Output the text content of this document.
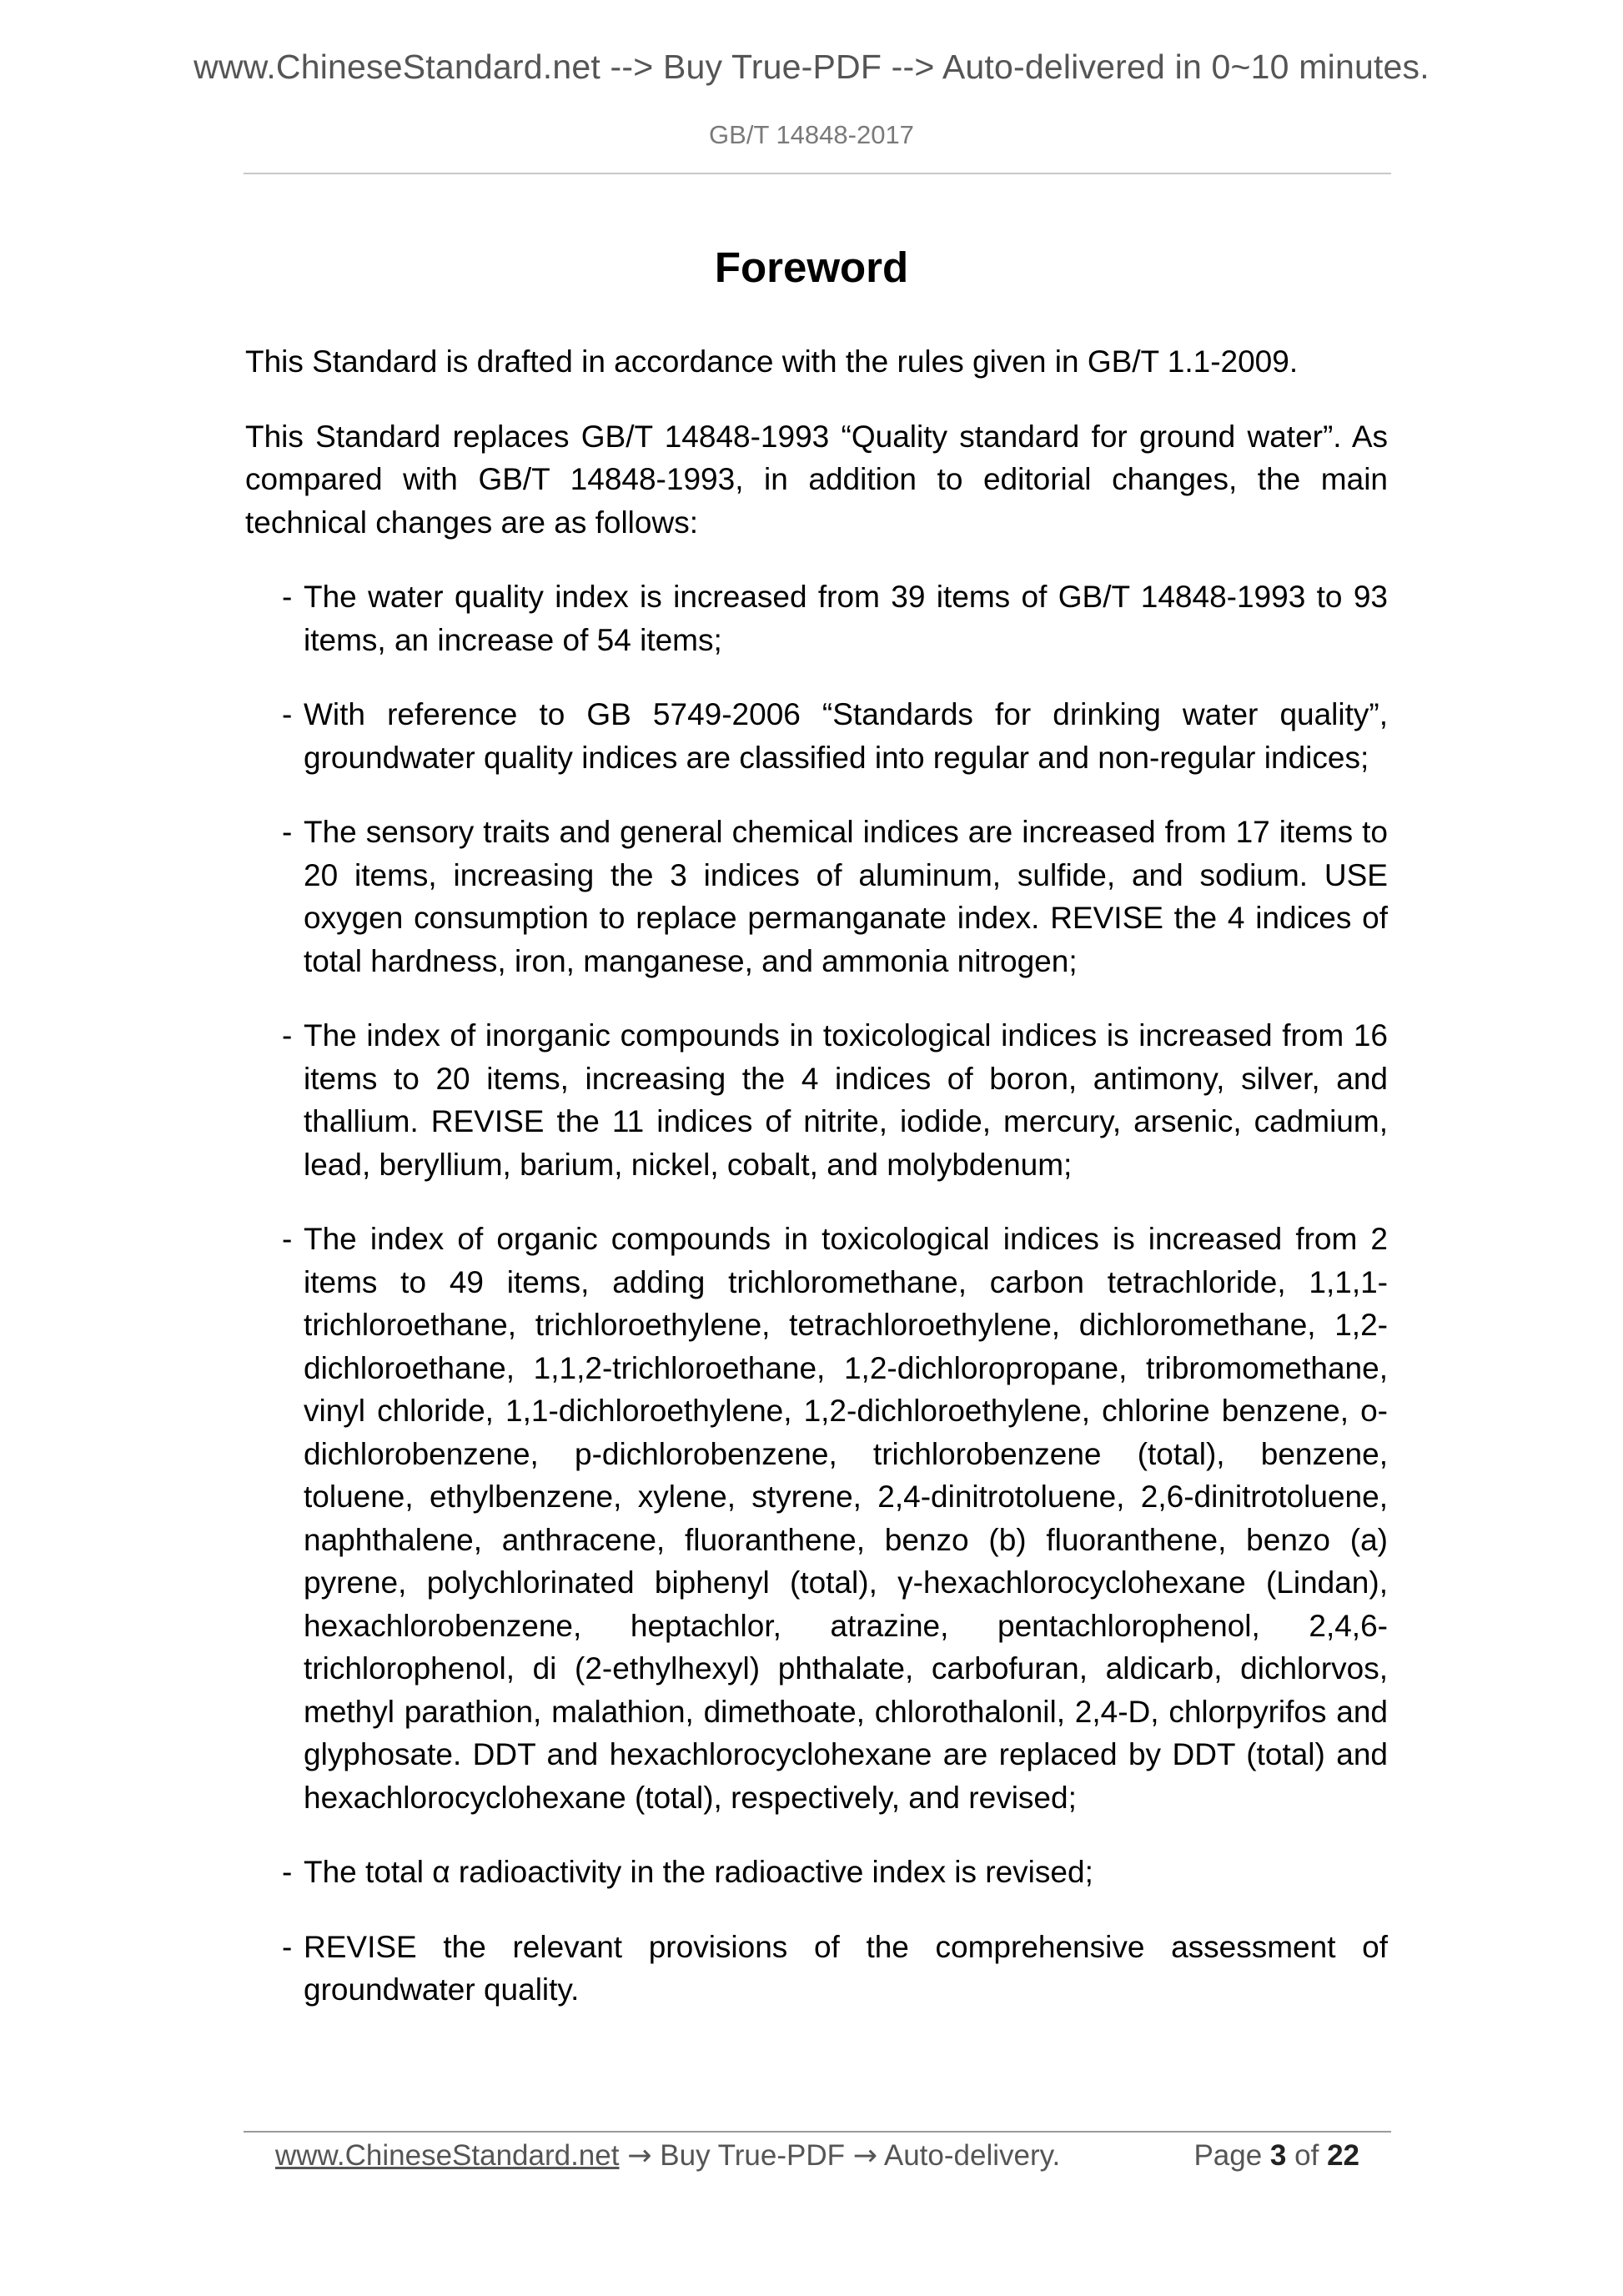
www.ChineseStandard.net --> Buy True-PDF --> Auto-delivered in 0~10 minutes.
GB/T 14848-2017
Foreword

This Standard is drafted in accordance with the rules given in GB/T 1.1-2009.

This Standard replaces GB/T 14848-1993 “Quality standard for ground water”. As compared with GB/T 14848-1993, in addition to editorial changes, the main technical changes are as follows:

- The water quality index is increased from 39 items of GB/T 14848-1993 to 93 items, an increase of 54 items;
- With reference to GB 5749-2006 “Standards for drinking water quality”, groundwater quality indices are classified into regular and non-regular indices;
- The sensory traits and general chemical indices are increased from 17 items to 20 items, increasing the 3 indices of aluminum, sulfide, and sodium. USE oxygen consumption to replace permanganate index. REVISE the 4 indices of total hardness, iron, manganese, and ammonia nitrogen;
- The index of inorganic compounds in toxicological indices is increased from 16 items to 20 items, increasing the 4 indices of boron, antimony, silver, and thallium. REVISE the 11 indices of nitrite, iodide, mercury, arsenic, cadmium, lead, beryllium, barium, nickel, cobalt, and molybdenum;
- The index of organic compounds in toxicological indices is increased from 2 items to 49 items, adding trichloromethane, carbon tetrachloride, 1,1,1-trichloroethane, trichloroethylene, tetrachloroethylene, dichloromethane, 1,2-dichloroethane, 1,1,2-trichloroethane, 1,2-dichloropropane, tribromomethane, vinyl chloride, 1,1-dichloroethylene, 1,2-dichloroethylene, chlorine benzene, o-dichlorobenzene, p-dichlorobenzene, trichlorobenzene (total), benzene, toluene, ethylbenzene, xylene, styrene, 2,4-dinitrotoluene, 2,6-dinitrotoluene, naphthalene, anthracene, fluoranthene, benzo (b) fluoranthene, benzo (a) pyrene, polychlorinated biphenyl (total), γ-hexachlorocyclohexane (Lindan), hexachlorobenzene, heptachlor, atrazine, pentachlorophenol, 2,4,6-trichlorophenol, di (2-ethylhexyl) phthalate, carbofuran, aldicarb, dichlorvos, methyl parathion, malathion, dimethoate, chlorothalonil, 2,4-D, chlorpyrifos and glyphosate. DDT and hexachlorocyclohexane are replaced by DDT (total) and hexachlorocyclohexane (total), respectively, and revised;
- The total α radioactivity in the radioactive index is revised;
- REVISE the relevant provisions of the comprehensive assessment of groundwater quality.
www.ChineseStandard.net → Buy True-PDF → Auto-delivery.	Page 3 of 22
